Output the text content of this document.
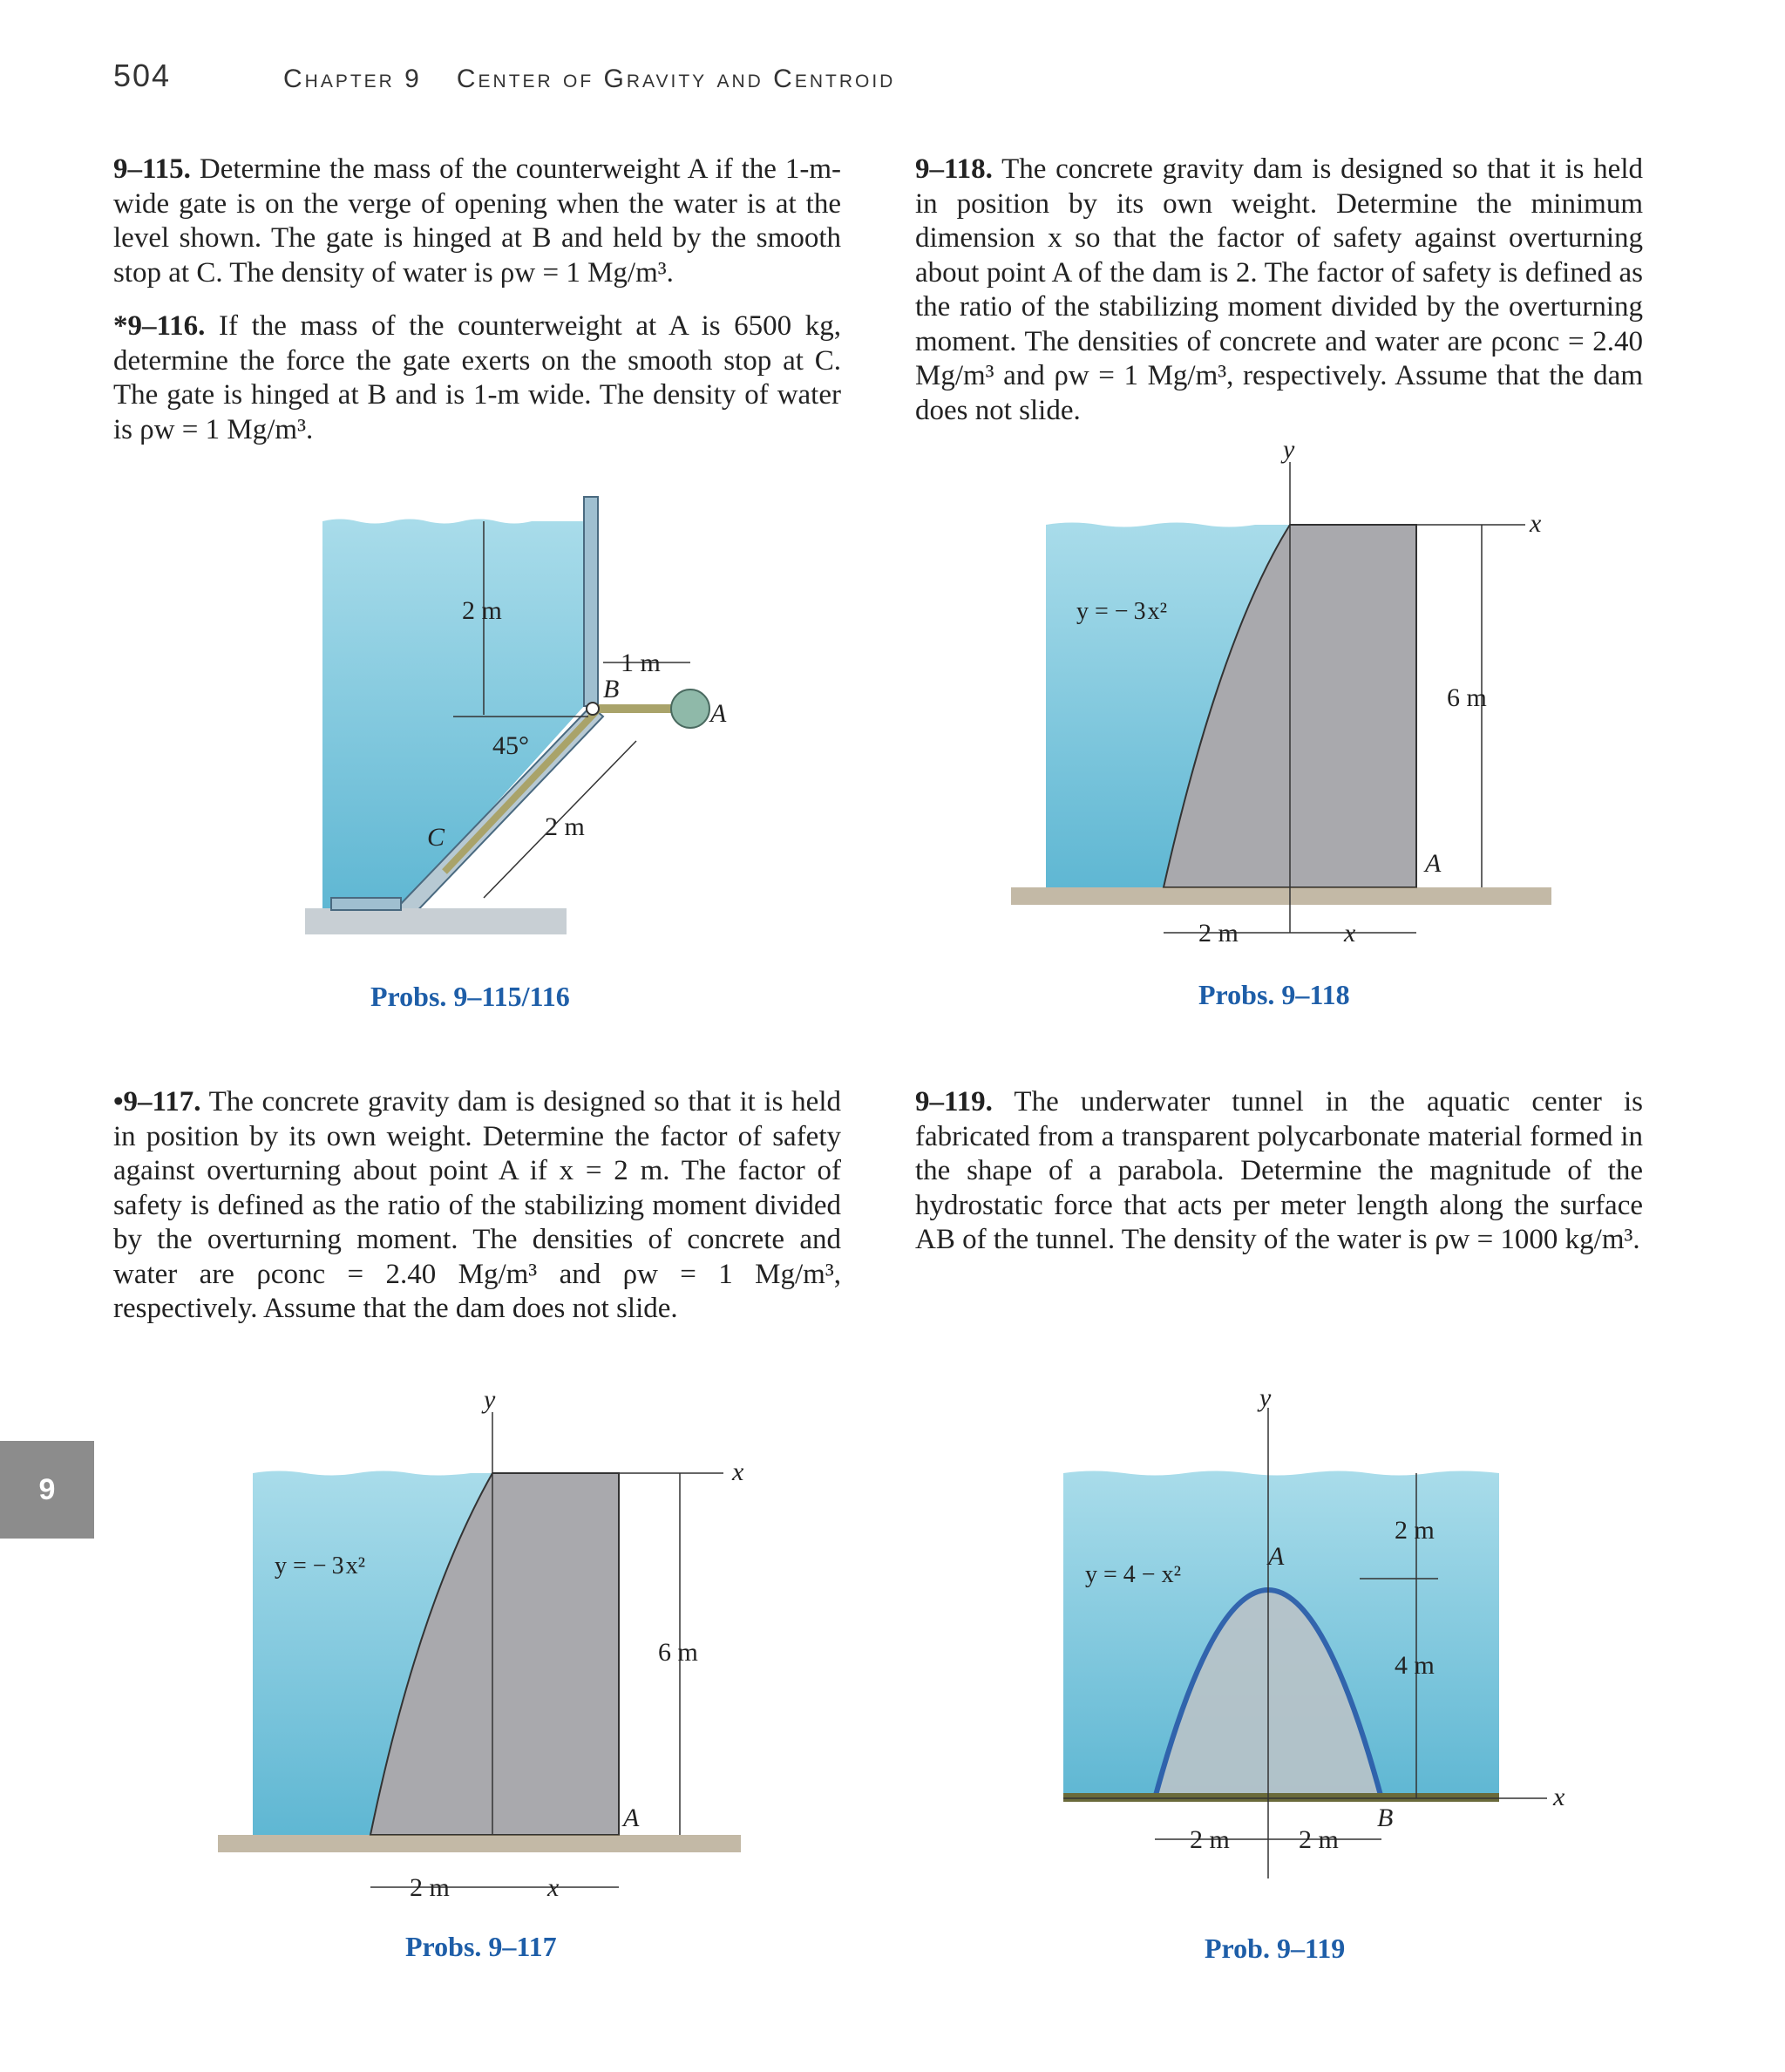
504	Chapter 9 Center of Gravity and Centroid

9–115. Determine the mass of the counterweight A if the 1-m-wide gate is on the verge of opening when the water is at the level shown. The gate is hinged at B and held by the smooth stop at C. The density of water is ρw = 1 Mg/m³.

*9–116. If the mass of the counterweight at A is 6500 kg, determine the force the gate exerts on the smooth stop at C. The gate is hinged at B and is 1-m wide. The density of water is ρw = 1 Mg/m³.

9–118. The concrete gravity dam is designed so that it is held in position by its own weight. Determine the minimum dimension x so that the factor of safety against overturning about point A of the dam is 2. The factor of safety is defined as the ratio of the stabilizing moment divided by the overturning moment. The densities of concrete and water are ρconc = 2.40 Mg/m³ and ρw = 1 Mg/m³, respectively. Assume that the dam does not slide.

•9–117. The concrete gravity dam is designed so that it is held in position by its own weight. Determine the factor of safety against overturning about point A if x = 2 m. The factor of safety is defined as the ratio of the stabilizing moment divided by the overturning moment. The densities of concrete and water are ρconc = 2.40 Mg/m³ and ρw = 1 Mg/m³, respectively. Assume that the dam does not slide.

9–119. The underwater tunnel in the aquatic center is fabricated from a transparent polycarbonate material formed in the shape of a parabola. Determine the magnitude of the hydrostatic force that acts per meter length along the surface AB of the tunnel. The density of the water is ρw = 1000 kg/m³.

9
2 m
1 m
B
A
45°
2 m
C
Probs. 9–115/116
y
x
y = − 3x²
6 m
A
2 m	x
Probs. 9–118
y
x
y = − 3x²
6 m
A
2 m	x
Probs. 9–117
y
x
y = 4 − x²
A
2 m
4 m
B
2 m	2 m
Prob. 9–119
